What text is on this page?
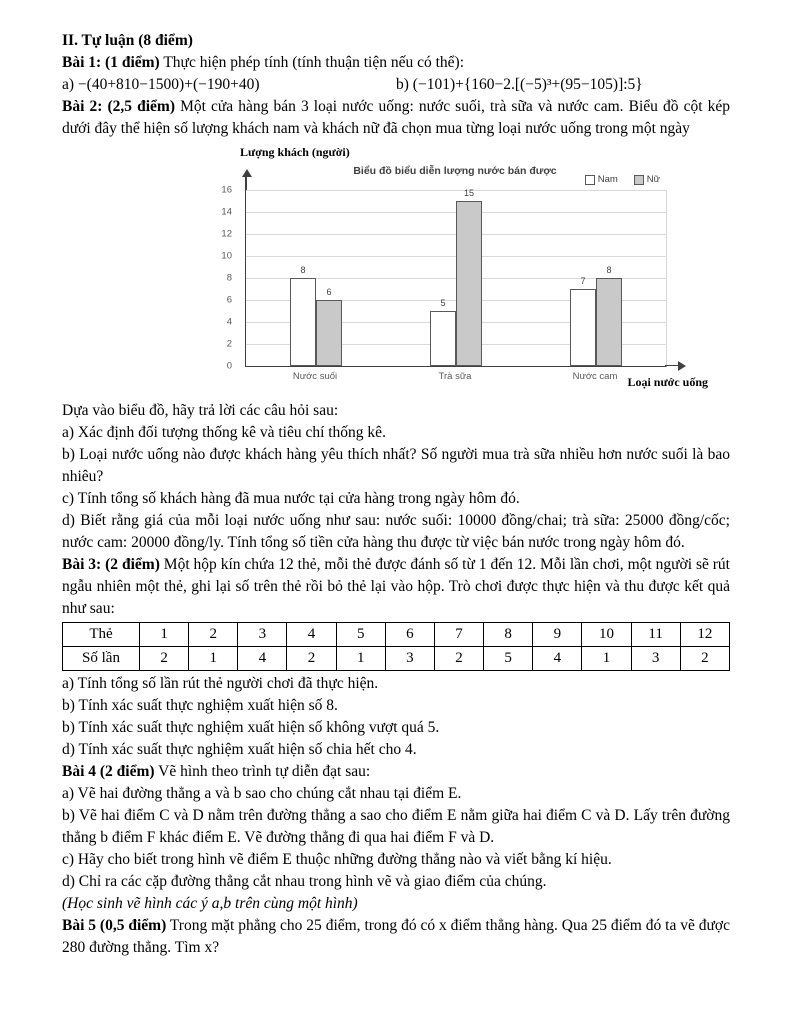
II. Tự luận (8 điểm)

Bài 1: (1 điểm) Thực hiện phép tính (tính thuận tiện nếu có thể):

a) −(40+810−1500)+(−190+40)	b) (−101)+{160−2.[(−5)³+(95−105)]:5}

Bài 2: (2,5 điểm) Một cửa hàng bán 3 loại nước uống: nước suối, trà sữa và nước cam. Biểu đồ cột kép dưới đây thể hiện số lượng khách nam và khách nữ đã chọn mua từng loại nước uống trong một ngày

Lượng khách (người)
Biểu đồ biểu diễn lượng nước bán được
Nam	Nữ
0
2
4
6
8
10
12
14
16
8
6
5
15
7
8
Nước suối	Trà sữa	Nước cam Loại nước uống

Dựa vào biểu đồ, hãy trả lời các câu hỏi sau:

a) Xác định đối tượng thống kê và tiêu chí thống kê.

b) Loại nước uống nào được khách hàng yêu thích nhất? Số người mua trà sữa nhiều hơn nước suối là bao nhiêu?

c) Tính tổng số khách hàng đã mua nước tại cửa hàng trong ngày hôm đó.

d) Biết rằng giá của mỗi loại nước uống như sau: nước suối: 10000 đồng/chai; trà sữa: 25000 đồng/cốc; nước cam: 20000 đồng/ly. Tính tổng số tiền cửa hàng thu được từ việc bán nước trong ngày hôm đó.

Bài 3: (2 điểm) Một hộp kín chứa 12 thẻ, mỗi thẻ được đánh số từ 1 đến 12. Mỗi lần chơi, một người sẽ rút ngẫu nhiên một thẻ, ghi lại số trên thẻ rồi bỏ thẻ lại vào hộp. Trò chơi được thực hiện và thu được kết quả như sau:

Thẻ	1	2	3	4	5	6	7	8	9	10	11	12
Số lần	2	1	4	2	1	3	2	5	4	1	3	2

a) Tính tổng số lần rút thẻ người chơi đã thực hiện.

b) Tính xác suất thực nghiệm xuất hiện số 8.

b) Tính xác suất thực nghiệm xuất hiện số không vượt quá 5.

d) Tính xác suất thực nghiệm xuất hiện số chia hết cho 4.

Bài 4 (2 điểm) Vẽ hình theo trình tự diễn đạt sau:

a) Vẽ hai đường thẳng a và b sao cho chúng cắt nhau tại điểm E.

b) Vẽ hai điểm C và D nằm trên đường thẳng a sao cho điểm E nằm giữa hai điểm C và D. Lấy trên đường thẳng b điểm F khác điểm E. Vẽ đường thẳng đi qua hai điểm F và D.

c) Hãy cho biết trong hình vẽ điểm E thuộc những đường thẳng nào và viết bằng kí hiệu.

d) Chỉ ra các cặp đường thẳng cắt nhau trong hình vẽ và giao điểm của chúng.

(Học sinh vẽ hình các ý a,b trên cùng một hình)

Bài 5 (0,5 điểm) Trong mặt phẳng cho 25 điểm, trong đó có x điểm thẳng hàng. Qua 25 điểm đó ta vẽ được 280 đường thẳng. Tìm x?
